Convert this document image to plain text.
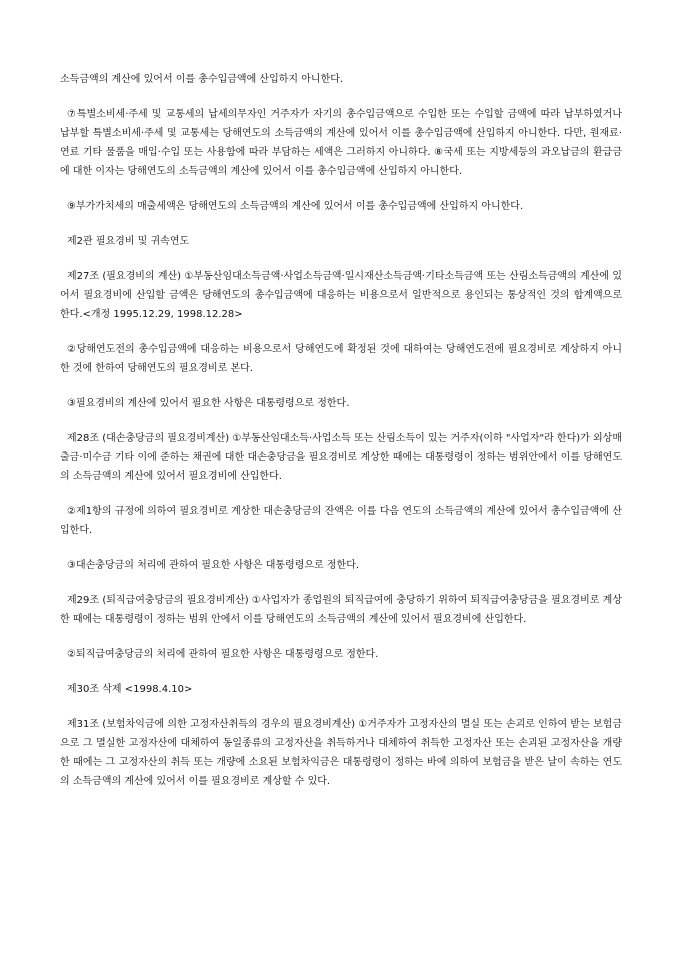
소득금액의 계산에 있어서 이를 총수입금액에 산입하지 아니한다.

⑦특별소비세·주세 및 교통세의 납세의무자인 거주자가 자기의 총수입금액으로 수입한 또는 수입할 금액에 따라 납부하였거나 납부할 특별소비세·주세 및 교통세는 당해연도의 소득금액의 계산에 있어서 이를 총수입금액에 산입하지 아니한다. 다만, 원재료·연료 기타 물품을 매입·수입 또는 사용함에 따라 부담하는 세액은 그러하지 아니하다. ⑧국세 또는 지방세등의 과오납금의 환급금에 대한 이자는 당해연도의 소득금액의 계산에 있어서 이를 총수입금액에 산입하지 아니한다.

⑨부가가치세의 매출세액은 당해연도의 소득금액의 계산에 있어서 이를 총수입금액에 산입하지 아니한다.

제2관 필요경비 및 귀속연도

제27조 (필요경비의 계산) ①부동산임대소득금액·사업소득금액·일시재산소득금액·기타소득금액 또는 산림소득금액의 계산에 있어서 필요경비에 산입할 금액은 당해연도의 총수입금액에 대응하는 비용으로서 일반적으로 용인되는 통상적인 것의 합계액으로 한다.<개정 1995.12.29, 1998.12.28>

②당해연도전의 총수입금액에 대응하는 비용으로서 당해연도에 확정된 것에 대하여는 당해연도전에 필요경비로 계상하지 아니한 것에 한하여 당해연도의 필요경비로 본다.

③필요경비의 계산에 있어서 필요한 사항은 대통령령으로 정한다.

제28조 (대손충당금의 필요경비계산) ①부동산임대소득·사업소득 또는 산림소득이 있는 거주자(이하 "사업자"라 한다)가 외상매출금·미수금 기타 이에 준하는 채권에 대한 대손충당금을 필요경비로 계상한 때에는 대통령령이 정하는 범위안에서 이를 당해연도의 소득금액의 계산에 있어서 필요경비에 산입한다.

②제1항의 규정에 의하여 필요경비로 계상한 대손충당금의 잔액은 이를 다음 연도의 소득금액의 계산에 있어서 총수입금액에 산입한다.

③대손충당금의 처리에 관하여 필요한 사항은 대통령령으로 정한다.

제29조 (퇴직급여충당금의 필요경비계산) ①사업자가 종업원의 퇴직급여에 충당하기 위하여 퇴직급여충당금을 필요경비로 계상한 때에는 대통령령이 정하는 범위 안에서 이를 당해연도의 소득금액의 계산에 있어서 필요경비에 산입한다.

②퇴직급여충당금의 처리에 관하여 필요한 사항은 대통령령으로 정한다.

제30조 삭제 <1998.4.10>

제31조 (보험차익금에 의한 고정자산취득의 경우의 필요경비계산) ①거주자가 고정자산의 멸실 또는 손괴로 인하여 받는 보험금으로 그 멸실한 고정자산에 대체하여 동일종류의 고정자산을 취득하거나 대체하여 취득한 고정자산 또는 손괴된 고정자산을 개량한 때에는 그 고정자산의 취득 또는 개량에 소요된 보험차익금은 대통령령이 정하는 바에 의하여 보험금을 받은 날이 속하는 연도의 소득금액의 계산에 있어서 이를 필요경비로 계상할 수 있다.
